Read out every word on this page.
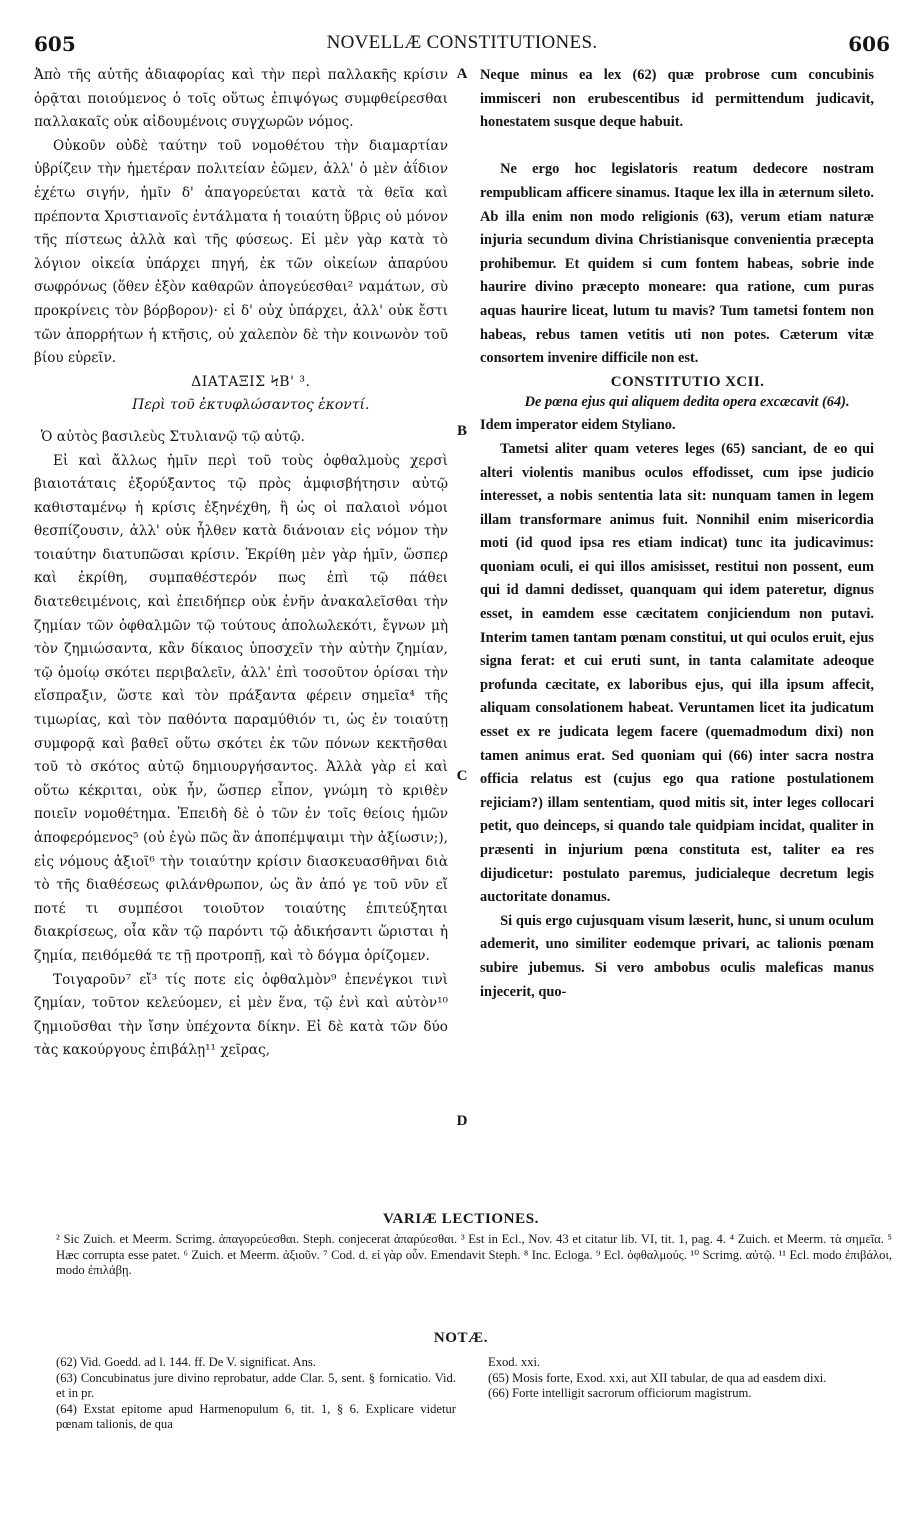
605	NOVELLÆ CONSTITUTIONES.	606

Ἀπὸ τῆς αὐτῆς ἀδιαφορίας καὶ τὴν περὶ παλλακῆς κρίσιν ὁρᾷται ποιούμενος ὁ τοῖς οὕτως ἐπιψόγως συμφθείρεσθαι παλλακαῖς οὐκ αἰδουμένοις συγχωρῶν νόμος.

Οὐκοῦν οὐδὲ ταύτην τοῦ νομοθέτου τὴν διαμαρτίαν ὑβρίζειν τὴν ἡμετέραν πολιτείαν ἐῶμεν, ἀλλ' ὁ μὲν ἀΐδιον ἐχέτω σιγήν, ἡμῖν δ' ἀπαγορεύεται κατὰ τὰ θεῖα καὶ πρέποντα Χριστιανοῖς ἐντάλματα ἡ τοιαύτη ὕβρις οὐ μόνον τῆς πίστεως ἀλλὰ καὶ τῆς φύσεως. Εἰ μὲν γὰρ κατὰ τὸ λόγιον οἰκεία ὑπάρχει πηγή, ἐκ τῶν οἰκείων ἀπαρύου σωφρόνως (ὅθεν ἐξὸν καθαρῶν ἀπογεύεσθαι² ναμάτων, σὺ προκρίνεις τὸν βόρβορον)· εἰ δ' οὐχ ὑπάρχει, ἀλλ' οὐκ ἔστι τῶν ἀπορρήτων ἡ κτῆσις, οὐ χαλεπὸν δὲ τὴν κοινωνὸν τοῦ βίου εὑρεῖν.

ΔΙΑΤΑΞΙΣ ϞΒ' ³.

Περὶ τοῦ ἐκτυφλώσαντος ἑκοντί.

Ὁ αὐτὸς βασιλεὺς Στυλιανῷ τῷ αὐτῷ.

Εἰ καὶ ἄλλως ἡμῖν περὶ τοῦ τοὺς ὀφθαλμοὺς χερσὶ βιαιοτάταις ἐξορύξαντος τῷ πρὸς ἀμφισβήτησιν αὐτῷ καθισταμένῳ ἡ κρίσις ἐξηνέχθη, ἢ ὡς οἱ παλαιοὶ νόμοι θεσπίζουσιν, ἀλλ' οὐκ ἦλθεν κατὰ διάνοιαν εἰς νόμον τὴν τοιαύτην διατυπῶσαι κρίσιν. Ἐκρίθη μὲν γὰρ ἡμῖν, ὥσπερ καὶ ἐκρίθη, συμπαθέστερόν πως ἐπὶ τῷ πάθει διατεθειμένοις, καὶ ἐπειδήπερ οὐκ ἐνῆν ἀνακαλεῖσθαι τὴν ζημίαν τῶν ὀφθαλμῶν τῷ τούτους ἀπολωλεκότι, ἔγνων μὴ τὸν ζημιώσαντα, κἂν δίκαιος ὑποσχεῖν τὴν αὐτὴν ζημίαν, τῷ ὁμοίῳ σκότει περιβαλεῖν, ἀλλ' ἐπὶ τοσοῦτον ὁρίσαι τὴν εἴσπραξιν, ὥστε καὶ τὸν πράξαντα φέρειν σημεῖα⁴ τῆς τιμωρίας, καὶ τὸν παθόντα παραμύθιόν τι, ὡς ἐν τοιαύτῃ συμφορᾷ καὶ βαθεῖ οὕτω σκότει ἐκ τῶν πόνων κεκτῆσθαι τοῦ τὸ σκότος αὐτῷ δημιουργήσαντος. Ἀλλὰ γὰρ εἰ καὶ οὕτω κέκριται, οὐκ ἦν, ὥσπερ εἶπον, γνώμη τὸ κριθὲν ποιεῖν νομοθέτημα. Ἐπειδὴ δὲ ὁ τῶν ἐν τοῖς θείοις ἡμῶν ἀποφερόμενος⁵ (οὐ ἐγὼ πῶς ἂν ἀποπέμψαιμι τὴν ἀξίωσιν;), εἰς νόμους ἀξιοῖ⁶ τὴν τοιαύτην κρίσιν διασκευασθῆναι διὰ τὸ τῆς διαθέσεως φιλάνθρωπον, ὡς ἂν ἀπό γε τοῦ νῦν εἴ ποτέ τι συμπέσοι τοιοῦτον τοιαύτης ἐπιτεύξηται διακρίσεως, οἷα κἂν τῷ παρόντι τῷ ἀδικήσαντι ὥρισται ἡ ζημία, πειθόμεθά τε τῇ προτροπῇ, καὶ τὸ δόγμα ὁρίζομεν.

Τοιγαροῦν⁷ εἴ³ τίς ποτε εἰς ὀφθαλμὸν⁹ ἐπενέγκοι τινὶ ζημίαν, τοῦτον κελεύομεν, εἰ μὲν ἕνα, τῷ ἑνὶ καὶ αὐτὸν¹⁰ ζημιοῦσθαι τὴν ἴσην ὑπέχοντα δίκην. Εἰ δὲ κατὰ τῶν δύο τὰς κακούργους ἐπιβάλῃ¹¹ χεῖρας,

A
B
C
D

Neque minus ea lex (62) quæ probrose cum concubinis immisceri non erubescentibus id permittendum judicavit, honestatem susque deque habuit.

Ne ergo hoc legislatoris reatum dedecore nostram rempublicam afficere sinamus. Itaque lex illa in æternum sileto. Ab illa enim non modo religionis (63), verum etiam naturæ injuria secundum divina Christianisque convenientia præcepta prohibemur. Et quidem si cum fontem habeas, sobrie inde haurire divino præcepto moneare: qua ratione, cum puras aquas haurire liceat, lutum tu mavis? Tum tametsi fontem non habeas, rebus tamen vetitis uti non potes. Cæterum vitæ consortem invenire difficile non est.

CONSTITUTIO XCII.

De pœna ejus qui aliquem dedita opera excæcavit (64).

Idem imperator eidem Styliano.

Tametsi aliter quam veteres leges (65) sanciant, de eo qui alteri violentis manibus oculos effodisset, cum ipse judicio interesset, a nobis sententia lata sit: nunquam tamen in legem illam transformare animus fuit. Nonnihil enim misericordia moti (id quod ipsa res etiam indicat) tunc ita judicavimus: quoniam oculi, ei qui illos amisisset, restitui non possent, eum qui id damni dedisset, quanquam qui idem pateretur, dignus esset, in eamdem esse cæcitatem conjiciendum non putavi. Interim tamen tantam pœnam constitui, ut qui oculos eruit, ejus signa ferat: et cui eruti sunt, in tanta calamitate adeoque profunda cæcitate, ex laboribus ejus, qui illa ipsum affecit, aliquam consolationem habeat. Veruntamen licet ita judicatum esset ex re judicata legem facere (quemadmodum dixi) non tamen animus erat. Sed quoniam qui (66) inter sacra nostra officia relatus est (cujus ego qua ratione postulationem rejiciam?) illam sententiam, quod mitis sit, inter leges collocari petit, quo deinceps, si quando tale quidpiam incidat, qualiter in præsenti in injurium pœna constituta est, taliter ea res dijudicetur: postulato paremus, judicialeque decretum legis auctoritate donamus.

Si quis ergo cujusquam visum læserit, hunc, si unum oculum ademerit, uno similiter eodemque privari, ac talionis pœnam subire jubemus. Si vero ambobus oculis maleficas manus injecerit, quo-

VARIÆ LECTIONES.

² Sic Zuich. et Meerm. Scrimg. ἀπαγορεύεσθαι. Steph. conjecerat ἀπαρύεσθαι. ³ Est in Ecl., Nov. 43 et citatur lib. VI, tit. 1, pag. 4. ⁴ Zuich. et Meerm. τὰ σημεῖα. ⁵ Hæc corrupta esse patet. ⁶ Zuich. et Meerm. ἀξιοῦν. ⁷ Cod. d. εἰ γὰρ οὖν. Emendavit Steph. ⁸ Inc. Ecloga. ⁹ Ecl. ὀφθαλμούς. ¹⁰ Scrimg. αὐτῷ. ¹¹ Ecl. modo ἐπιβάλοι, modo ἐπιλάβῃ.

NOTÆ.

(62) Vid. Goedd. ad l. 144. ff. De V. significat. Ans.

(63) Concubinatus jure divino reprobatur, adde Clar. 5, sent. § fornicatio. Vid. et in pr.

(64) Exstat epitome apud Harmenopulum 6, tit. 1, § 6. Explicare videtur pœnam talionis, de qua

Exod. xxi.

(65) Mosis forte, Exod. xxi, aut XII tabular, de qua ad easdem dixi.

(66) Forte intelligit sacrorum officiorum magistrum.
